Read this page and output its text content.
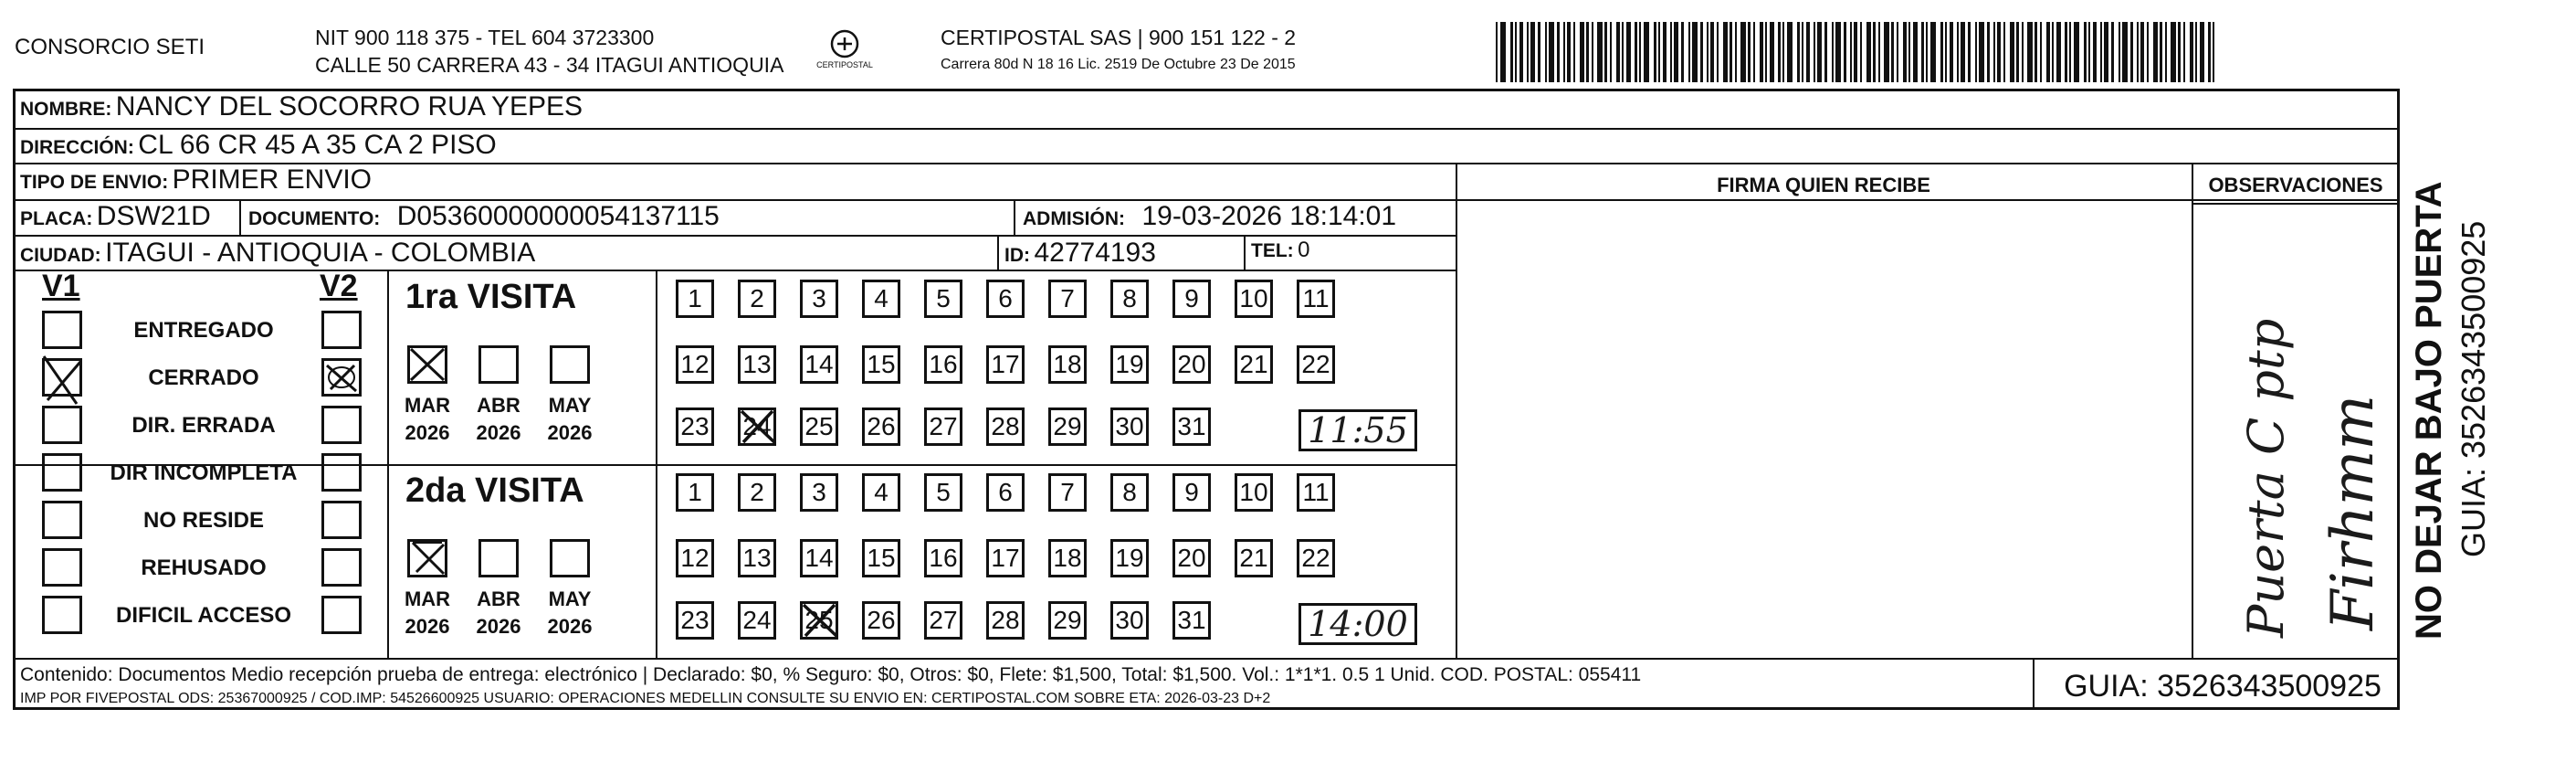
CONSORCIO SETI	NIT 900 118 375 - TEL 604 3723300
CALLE 50 CARRERA 43 - 34 ITAGUI ANTIOQUIA	CERTIPOSTAL
CERTIPOSTAL SAS | 900 151 122 - 2
Carrera 80d N 18 16 Lic. 2519 De Octubre 23 De 2015
NOMBRE: NANCY DEL SOCORRO RUA YEPES
DIRECCIÓN: CL 66 CR 45 A 35 CA 2 PISO
TIPO DE ENVIO: PRIMER ENVIO	FIRMA QUIEN RECIBE	OBSERVACIONES
PLACA: DSW21D DOCUMENTO: D05360000000054137115	ADMISIÓN: 19-03-2026 18:14:01
CIUDAD: ITAGUI - ANTIOQUIA - COLOMBIA	ID: 42774193	TEL: 0
V1	V2
ENTREGADO
CERRADO
DIR. ERRADA
DIR INCOMPLETA
NO RESIDE
REHUSADO
DIFICIL ACCESO
1ra VISITA
MAR ABR MAY
2026 2026 2026
1	2	3	4	5	6	7	8	9	10 11
12 13 14 15 16 17 18 19 20 21 22
23 24 25 26 27 28 29 30 31	11:55
2da VISITA
MAR ABR MAY
2026 2026 2026
1	2	3	4	5	6	7	8	9	10 11
12 13 14 15 16 17 18 19 20 21 22
23 24 25 26 27 28 29 30 31	14:00	Puerta C ptp Firhmm NO DEJAR BAJO PUERTA GUIA: 3526343500925
Contenido: Documentos Medio recepción prueba de entrega: electrónico | Declarado: $0, % Seguro: $0, Otros: $0, Flete: $1,500, Total: $1,500. Vol.: 1*1*1. 0.5 1 Unid. COD. POSTAL: 055411
IMP POR FIVEPOSTAL ODS: 25367000925 / COD.IMP: 54526600925 USUARIO: OPERACIONES MEDELLIN CONSULTE SU ENVIO EN: CERTIPOSTAL.COM SOBRE ETA: 2026-03-23 D+2	GUIA: 3526343500925
